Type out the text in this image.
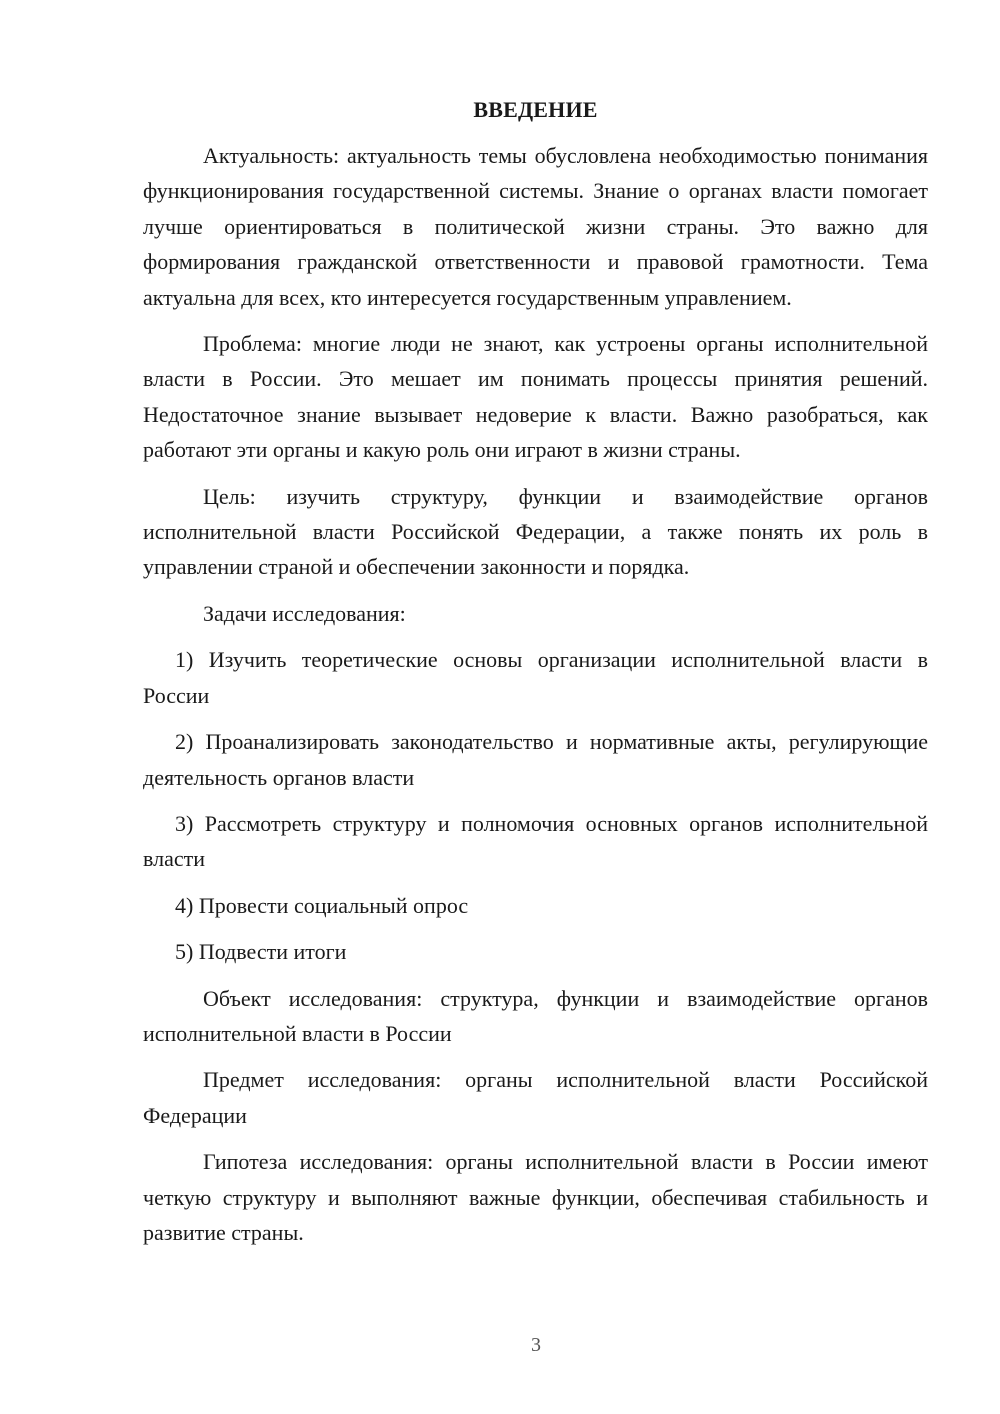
ВВЕДЕНИЕ

Актуальность: актуальность темы обусловлена необходимостью понимания функционирования государственной системы. Знание о органах власти помогает лучше ориентироваться в политической жизни страны. Это важно для формирования гражданской ответственности и правовой грамотности. Тема актуальна для всех, кто интересуется государственным управлением.

Проблема: многие люди не знают, как устроены органы исполнительной власти в России. Это мешает им понимать процессы принятия решений. Недостаточное знание вызывает недоверие к власти. Важно разобраться, как работают эти органы и какую роль они играют в жизни страны.

Цель: изучить структуру, функции и взаимодействие органов исполнительной власти Российской Федерации, а также понять их роль в управлении страной и обеспечении законности и порядка.

Задачи исследования:

1) Изучить теоретические основы организации исполнительной власти в России

2) Проанализировать законодательство и нормативные акты, регулирующие деятельность органов власти

3) Рассмотреть структуру и полномочия основных органов исполнительной власти

4) Провести социальный опрос

5) Подвести итоги

Объект исследования: структура, функции и взаимодействие органов исполнительной власти в России

Предмет исследования: органы исполнительной власти Российской Федерации

Гипотеза исследования: органы исполнительной власти в России имеют четкую структуру и выполняют важные функции, обеспечивая стабильность и развитие страны.

3
